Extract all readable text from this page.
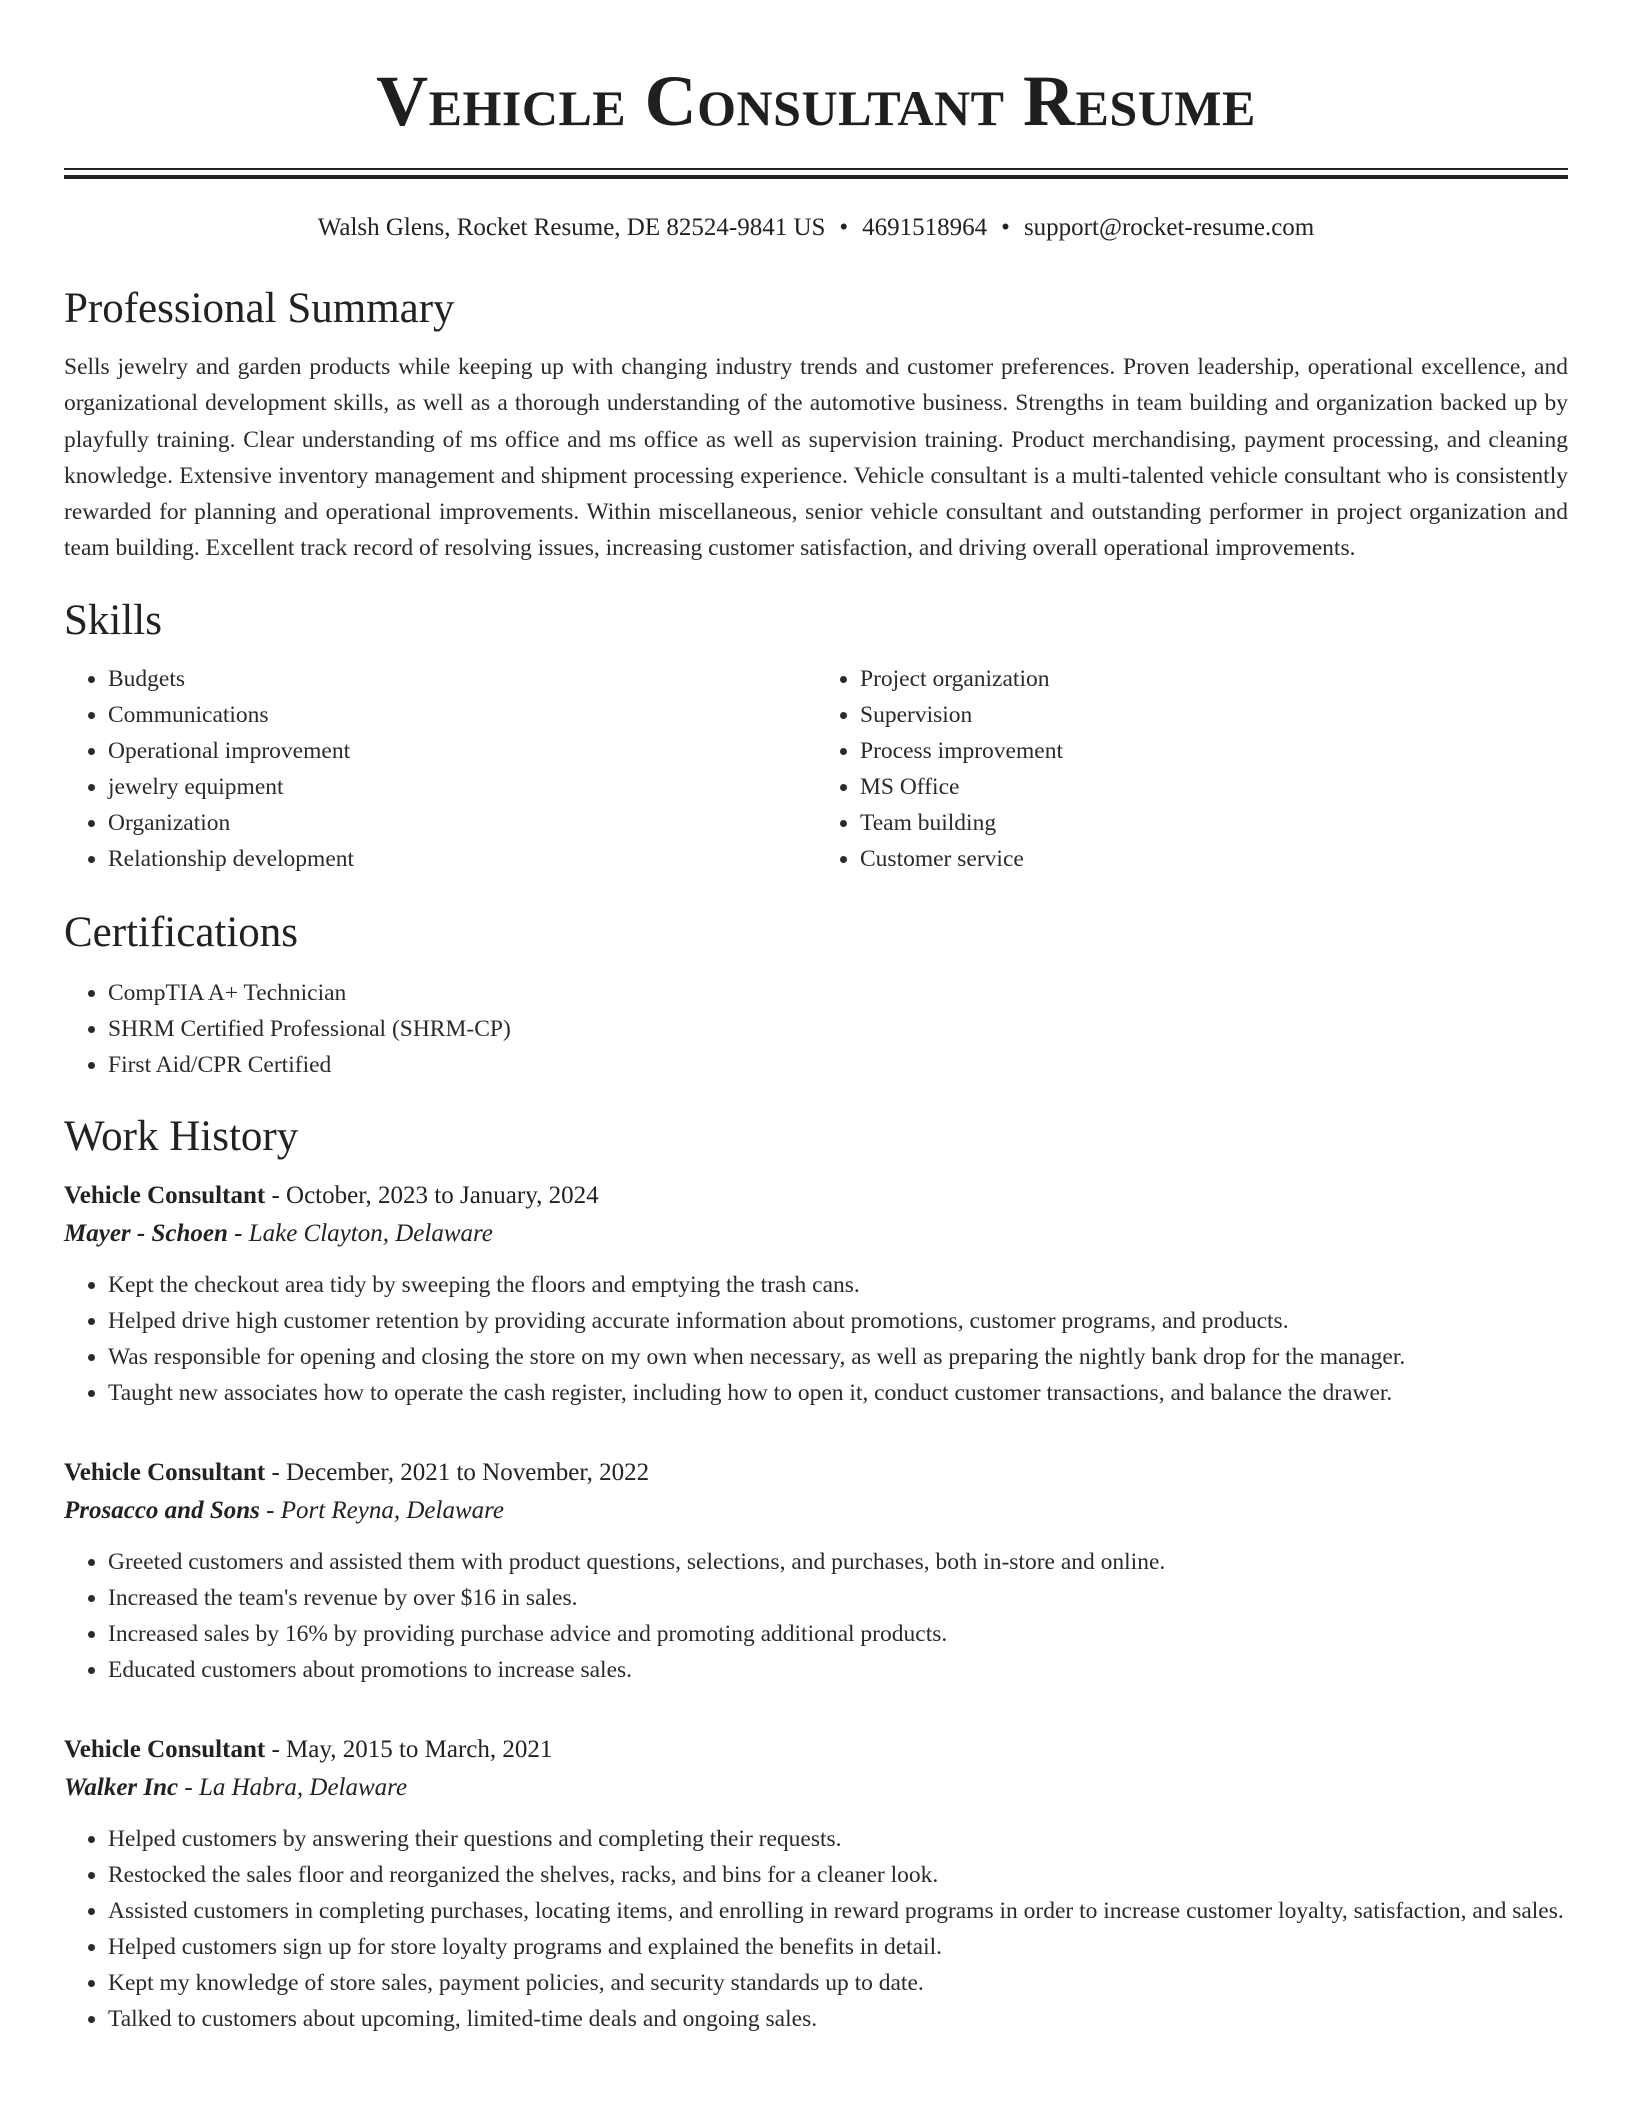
Vehicle Consultant Resume
Walsh Glens, Rocket Resume, DE 82524-9841 US • 4691518964 • support@rocket-resume.com
Professional Summary
Sells jewelry and garden products while keeping up with changing industry trends and customer preferences. Proven leadership, operational excellence, and organizational development skills, as well as a thorough understanding of the automotive business. Strengths in team building and organization backed up by playfully training. Clear understanding of ms office and ms office as well as supervision training. Product merchandising, payment processing, and cleaning knowledge. Extensive inventory management and shipment processing experience. Vehicle consultant is a multi-talented vehicle consultant who is consistently rewarded for planning and operational improvements. Within miscellaneous, senior vehicle consultant and outstanding performer in project organization and team building. Excellent track record of resolving issues, increasing customer satisfaction, and driving overall operational improvements.
Skills
• Budgets
• Communications
• Operational improvement
• jewelry equipment
• Organization
• Relationship development
• Project organization
• Supervision
• Process improvement
• MS Office
• Team building
• Customer service
Certifications
• CompTIA A+ Technician
• SHRM Certified Professional (SHRM-CP)
• First Aid/CPR Certified
Work History
Vehicle Consultant - October, 2023 to January, 2024
Mayer - Schoen - Lake Clayton, Delaware
• Kept the checkout area tidy by sweeping the floors and emptying the trash cans.
• Helped drive high customer retention by providing accurate information about promotions, customer programs, and products.
• Was responsible for opening and closing the store on my own when necessary, as well as preparing the nightly bank drop for the manager.
• Taught new associates how to operate the cash register, including how to open it, conduct customer transactions, and balance the drawer.
Vehicle Consultant - December, 2021 to November, 2022
Prosacco and Sons - Port Reyna, Delaware
• Greeted customers and assisted them with product questions, selections, and purchases, both in-store and online.
• Increased the team's revenue by over $16 in sales.
• Increased sales by 16% by providing purchase advice and promoting additional products.
• Educated customers about promotions to increase sales.
Vehicle Consultant - May, 2015 to March, 2021
Walker Inc - La Habra, Delaware
• Helped customers by answering their questions and completing their requests.
• Restocked the sales floor and reorganized the shelves, racks, and bins for a cleaner look.
• Assisted customers in completing purchases, locating items, and enrolling in reward programs in order to increase customer loyalty, satisfaction, and sales.
• Helped customers sign up for store loyalty programs and explained the benefits in detail.
• Kept my knowledge of store sales, payment policies, and security standards up to date.
• Talked to customers about upcoming, limited-time deals and ongoing sales.
